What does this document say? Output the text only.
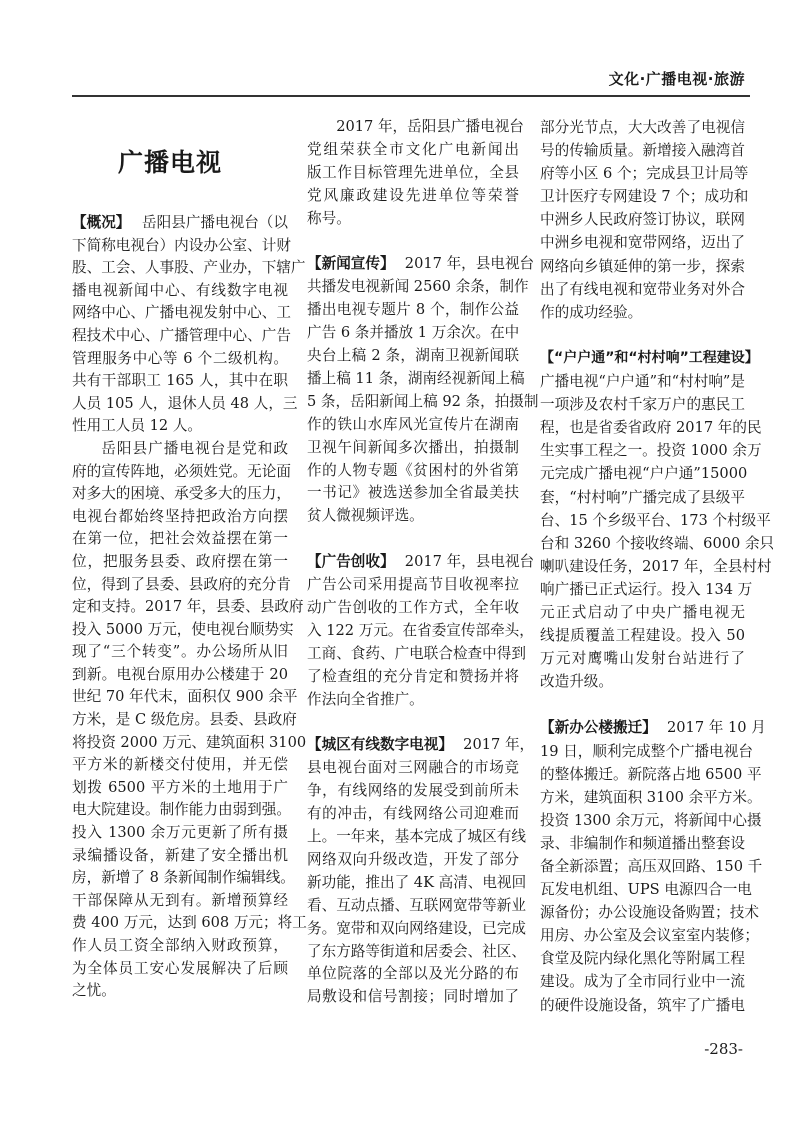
文化·广播电视·旅游
广播电视
【概况】 岳阳县广播电视台（以
下简称电视台）内设办公室、计财
股、工会、人事股、产业办，下辖广
播电视新闻中心、有线数字电视
网络中心、广播电视发射中心、工
程技术中心、广播管理中心、广告
管理服务中心等 6 个二级机构。
共有干部职工 165 人，其中在职
人员 105 人，退休人员 48 人，三
性用工人员 12 人。
岳阳县广播电视台是党和政
府的宣传阵地，必须姓党。无论面
对多大的困境、承受多大的压力，
电视台都始终坚持把政治方向摆
在第一位，把社会效益摆在第一
位，把服务县委、政府摆在第一
位，得到了县委、县政府的充分肯
定和支持。2017 年，县委、县政府
投入 5000 万元，使电视台顺势实
现了“三个转变”。办公场所从旧
到新。电视台原用办公楼建于 20
世纪 70 年代末，面积仅 900 余平
方米，是 C 级危房。县委、县政府
将投资 2000 万元、建筑面积 3100
平方米的新楼交付使用，并无偿
划拨 6500 平方米的土地用于广
电大院建设。制作能力由弱到强。
投入 1300 余万元更新了所有摄
录编播设备，新建了安全播出机
房，新增了 8 条新闻制作编辑线。
干部保障从无到有。新增预算经
费 400 万元，达到 608 万元；将工
作人员工资全部纳入财政预算，
为全体员工安心发展解决了后顾
之忧。
2017 年，岳阳县广播电视台
党组荣获全市文化广电新闻出
版工作目标管理先进单位，全县
党风廉政建设先进单位等荣誉
称号。
【新闻宣传】 2017 年，县电视台
共播发电视新闻 2560 余条，制作
播出电视专题片 8 个，制作公益
广告 6 条并播放 1 万余次。在中
央台上稿 2 条，湖南卫视新闻联
播上稿 11 条，湖南经视新闻上稿
5 条，岳阳新闻上稿 92 条，拍摄制
作的铁山水库风光宣传片在湖南
卫视午间新闻多次播出，拍摄制
作的人物专题《贫困村的外省第
一书记》被选送参加全省最美扶
贫人微视频评选。
【广告创收】 2017 年，县电视台
广告公司采用提高节目收视率拉
动广告创收的工作方式，全年收
入 122 万元。在省委宣传部牵头，
工商、食药、广电联合检查中得到
了检查组的充分肯定和赞扬并将
作法向全省推广。
【城区有线数字电视】 2017 年，
县电视台面对三网融合的市场竞
争，有线网络的发展受到前所未
有的冲击，有线网络公司迎难而
上。一年来，基本完成了城区有线
网络双向升级改造，开发了部分
新功能，推出了 4K 高清、电视回
看、互动点播、互联网宽带等新业
务。宽带和双向网络建设，已完成
了东方路等街道和居委会、社区、
单位院落的全部以及光分路的布
局敷设和信号割接；同时增加了
部分光节点，大大改善了电视信
号的传输质量。新增接入融湾首
府等小区 6 个；完成县卫计局等
卫计医疗专网建设 7 个；成功和
中洲乡人民政府签订协议，联网
中洲乡电视和宽带网络，迈出了
网络向乡镇延伸的第一步，探索
出了有线电视和宽带业务对外合
作的成功经验。
【“户户通”和“村村响”工程建设】
广播电视“户户通”和“村村响”是
一项涉及农村千家万户的惠民工
程，也是省委省政府 2017 年的民
生实事工程之一。投资 1000 余万
元完成广播电视“户户通”15000
套，“村村响”广播完成了县级平
台、15 个乡级平台、173 个村级平
台和 3260 个接收终端、6000 余只
喇叭建设任务，2017 年，全县村村
响广播已正式运行。投入 134 万
元正式启动了中央广播电视无
线提质覆盖工程建设。投入 50
万元对鹰嘴山发射台站进行了
改造升级。
【新办公楼搬迁】 2017 年 10 月
19 日，顺利完成整个广播电视台
的整体搬迁。新院落占地 6500 平
方米，建筑面积 3100 余平方米。
投资 1300 余万元，将新闻中心摄
录、非编制作和频道播出整套设
备全新添置；高压双回路、150 千
瓦发电机组、UPS 电源四合一电
源备份；办公设施设备购置；技术
用房、办公室及会议室室内装修；
食堂及院内绿化黑化等附属工程
建设。成为了全市同行业中一流
的硬件设施设备，筑牢了广播电
-283-
